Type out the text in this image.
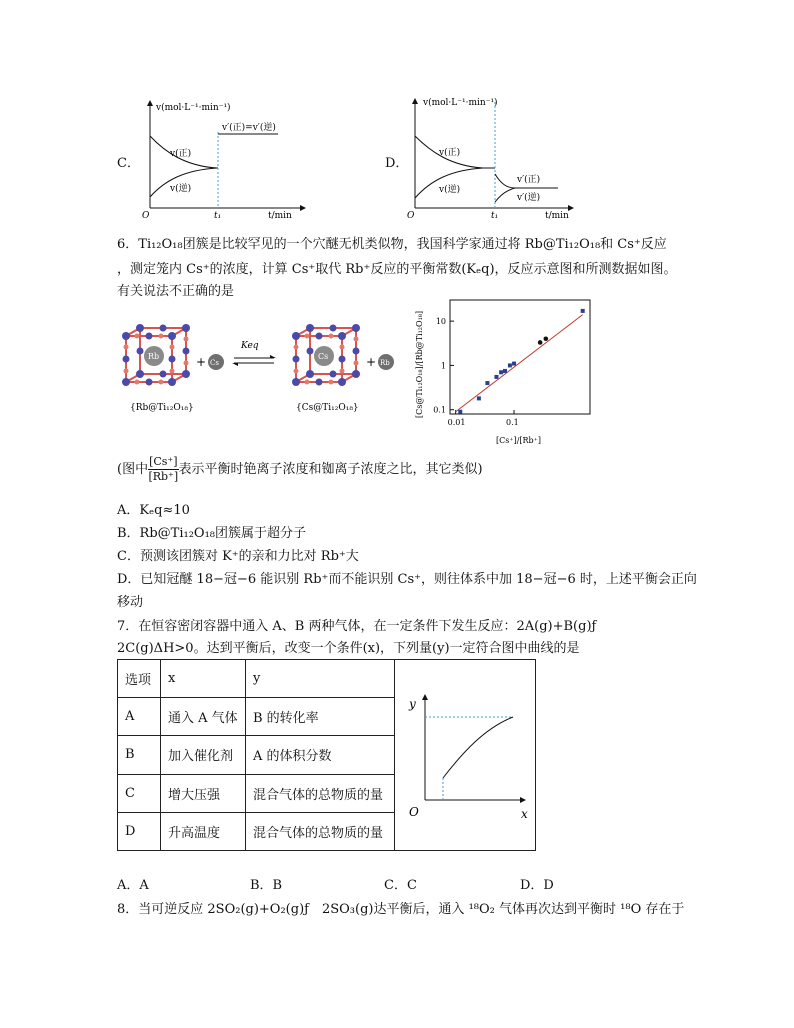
C．
v(mol·L⁻¹·min⁻¹)
v′(正)=v′(逆)
v(正)
v(逆)
O	t₁	t/min
D．
v(mol·L⁻¹·min⁻¹)
v(正)
v(逆)
v′(正)
v′(逆)
O	t₁	t/min
6．Ti₁₂O₁₈团簇是比较罕见的一个穴醚无机类似物，我国科学家通过将 Rb@Ti₁₂O₁₈和 Cs⁺反应
，测定笼内 Cs⁺的浓度，计算 Cs⁺取代 Rb⁺反应的平衡常数(Kₑq)，反应示意图和所测数据如图。
有关说法不正确的是
Rb	+ Cs
Keq
Cs	+ Rb
{Rb@Ti₁₂O₁₈}	{Cs@Ti₁₂O₁₈}	[Cs@Ti₁₂O₁₈]/[Rb@Ti₁₂O₁₈]
[Cs⁺]/[Rb⁺]
0.01	0.1
0.1
1
10
(图中 $\frac{[Cs^+]}{[Rb^+]}$ 表示平衡时铯离子浓度和铷离子浓度之比，其它类似)
A．Kₑq≈10
B．Rb@Ti₁₂O₁₈团簇属于超分子
C．预测该团簇对 K⁺的亲和力比对 Rb⁺大
D．已知冠醚 18−冠−6 能识别 Rb⁺而不能识别 Cs⁺，则往体系中加 18−冠−6 时，上述平衡会正向
移动
7．在恒容密闭容器中通入 A、B 两种气体，在一定条件下发生反应：2A(g)+B(g)ƒ
2C(g)ΔH>0。达到平衡后，改变一个条件(x)，下列量(y)一定符合图中曲线的是
选项	x	y	y
x
O

A	通入 A 气体	B 的转化率	
B	加入催化剂	A 的体积分数	
C	增大压强	混合气体的总物质的量	
D	升高温度	混合气体的总物质的量	
A．A	B．B	C．C	D．D
8．当可逆反应 2SO₂(g)+O₂(g)ƒ　2SO₃(g)达平衡后，通入 ¹⁸O₂ 气体再次达到平衡时 ¹⁸O 存在于
